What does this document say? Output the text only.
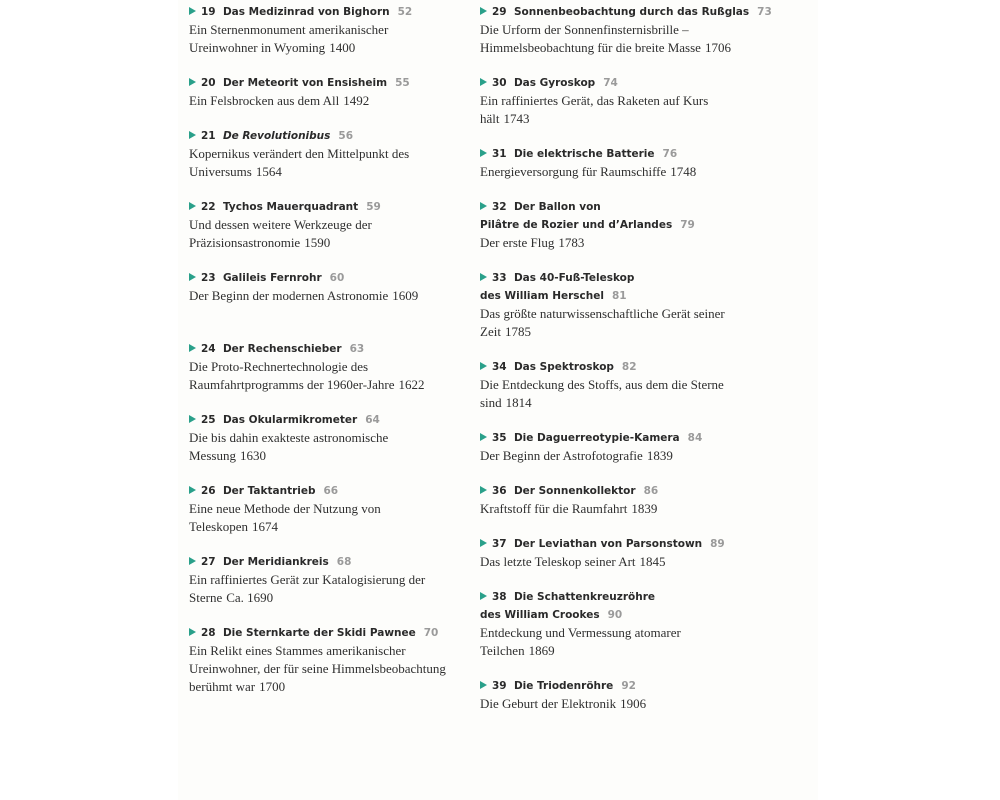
19 Das Medizinrad von Bighorn 52
Ein Sternenmonument amerikanischer Ureinwohner in Wyoming 1400
20 Der Meteorit von Ensisheim 55
Ein Felsbrocken aus dem All 1492
21 De Revolutionibus 56
Kopernikus verändert den Mittelpunkt des Universums 1564
22 Tychos Mauerquadrant 59
Und dessen weitere Werkzeuge der Präzisionsastronomie 1590
23 Galileis Fernrohr 60
Der Beginn der modernen Astronomie 1609
24 Der Rechenschieber 63
Die Proto-Rechnertechnologie des Raumfahrtprogramms der 1960er-Jahre 1622
25 Das Okularmikrometer 64
Die bis dahin exakteste astronomische Messung 1630
26 Der Taktantrieb 66
Eine neue Methode der Nutzung von Teleskopen 1674
27 Der Meridiankreis 68
Ein raffiniertes Gerät zur Katalogisierung der Sterne Ca. 1690
28 Die Sternkarte der Skidi Pawnee 70
Ein Relikt eines Stammes amerikanischer Ureinwohner, der für seine Himmelsbeobachtung berühmt war 1700
29 Sonnenbeobachtung durch das Rußglas 73
Die Urform der Sonnenfinsternisbrille – Himmelsbeobachtung für die breite Masse 1706
30 Das Gyroskop 74
Ein raffiniertes Gerät, das Raketen auf Kurs hält 1743
31 Die elektrische Batterie 76
Energieversorgung für Raumschiffe 1748
32 Der Ballon von
Pilâtre de Rozier und d’Arlandes 79
Der erste Flug 1783
33 Das 40-Fuß-Teleskop
des William Herschel 81
Das größte naturwissenschaftliche Gerät seiner Zeit 1785
34 Das Spektroskop 82
Die Entdeckung des Stoffs, aus dem die Sterne sind 1814
35 Die Daguerreotypie-Kamera 84
Der Beginn der Astrofotografie 1839
36 Der Sonnenkollektor 86
Kraftstoff für die Raumfahrt 1839
37 Der Leviathan von Parsonstown 89
Das letzte Teleskop seiner Art 1845
38 Die Schattenkreuzröhre
des William Crookes 90
Entdeckung und Vermessung atomarer Teilchen 1869
39 Die Triodenröhre 92
Die Geburt der Elektronik 1906
